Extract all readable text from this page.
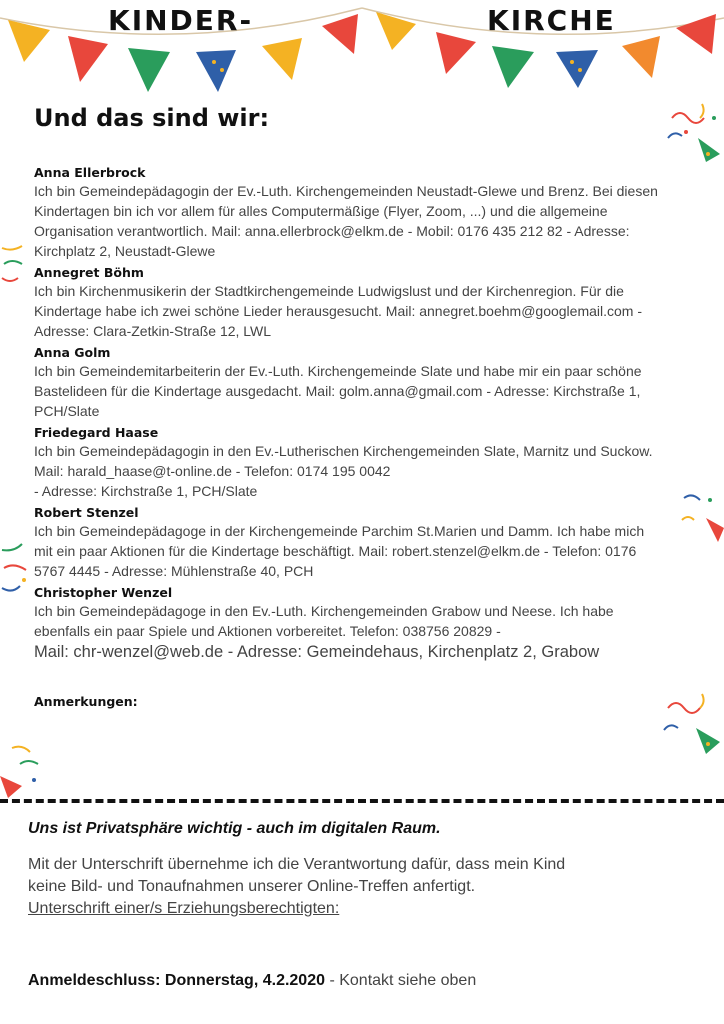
KINDER-	KIRCHE
Und das sind wir:
Anna Ellerbrock
Ich bin Gemeindepädagogin der Ev.-Luth. Kirchengemeinden Neustadt-Glewe und Brenz. Bei diesen
Kindertagen bin ich vor allem für alles Computermäßige (Flyer, Zoom, ...) und die allgemeine
Organisation verantwortlich. Mail: anna.ellerbrock@elkm.de - Mobil: 0176 435 212 82 - Adresse:
Kirchplatz 2, Neustadt-Glewe
Annegret Böhm
Ich bin Kirchenmusikerin der Stadtkirchengemeinde Ludwigslust und der Kirchenregion. Für die
Kindertage habe ich zwei schöne Lieder herausgesucht. Mail: annegret.boehm@googlemail.com -
Adresse: Clara-Zetkin-Straße 12, LWL
Anna Golm
Ich bin Gemeindemitarbeiterin der Ev.-Luth. Kirchengemeinde Slate und habe mir ein paar schöne
Bastelideen für die Kindertage ausgedacht. Mail: golm.anna@gmail.com - Adresse: Kirchstraße 1,
PCH/Slate
Friedegard Haase
Ich bin Gemeindepädagogin in den Ev.-Lutherischen Kirchengemeinden Slate, Marnitz und Suckow.
Mail: harald_haase@t-online.de - Telefon: 0174 195 0042
- Adresse: Kirchstraße 1, PCH/Slate
Robert Stenzel
Ich bin Gemeindepädagoge in der Kirchengemeinde Parchim St.Marien und Damm. Ich habe mich
mit ein paar Aktionen für die Kindertage beschäftigt. Mail: robert.stenzel@elkm.de - Telefon: 0176
5767 4445 - Adresse: Mühlenstraße 40, PCH
Christopher Wenzel
Ich bin Gemeindepädagoge in den Ev.-Luth. Kirchengemeinden Grabow und Neese. Ich habe
ebenfalls ein paar Spiele und Aktionen vorbereitet. Telefon: 038756 20829 -
Mail: chr-wenzel@web.de - Adresse: Gemeindehaus, Kirchenplatz 2, Grabow
Anmerkungen:
Uns ist Privatsphäre wichtig - auch im digitalen Raum.
Mit der Unterschrift übernehme ich die Verantwortung dafür, dass mein Kind
keine Bild- und Tonaufnahmen unserer Online-Treffen anfertigt.
Unterschrift einer/s Erziehungsberechtigten:
Anmeldeschluss: Donnerstag, 4.2.2020 - Kontakt siehe oben
